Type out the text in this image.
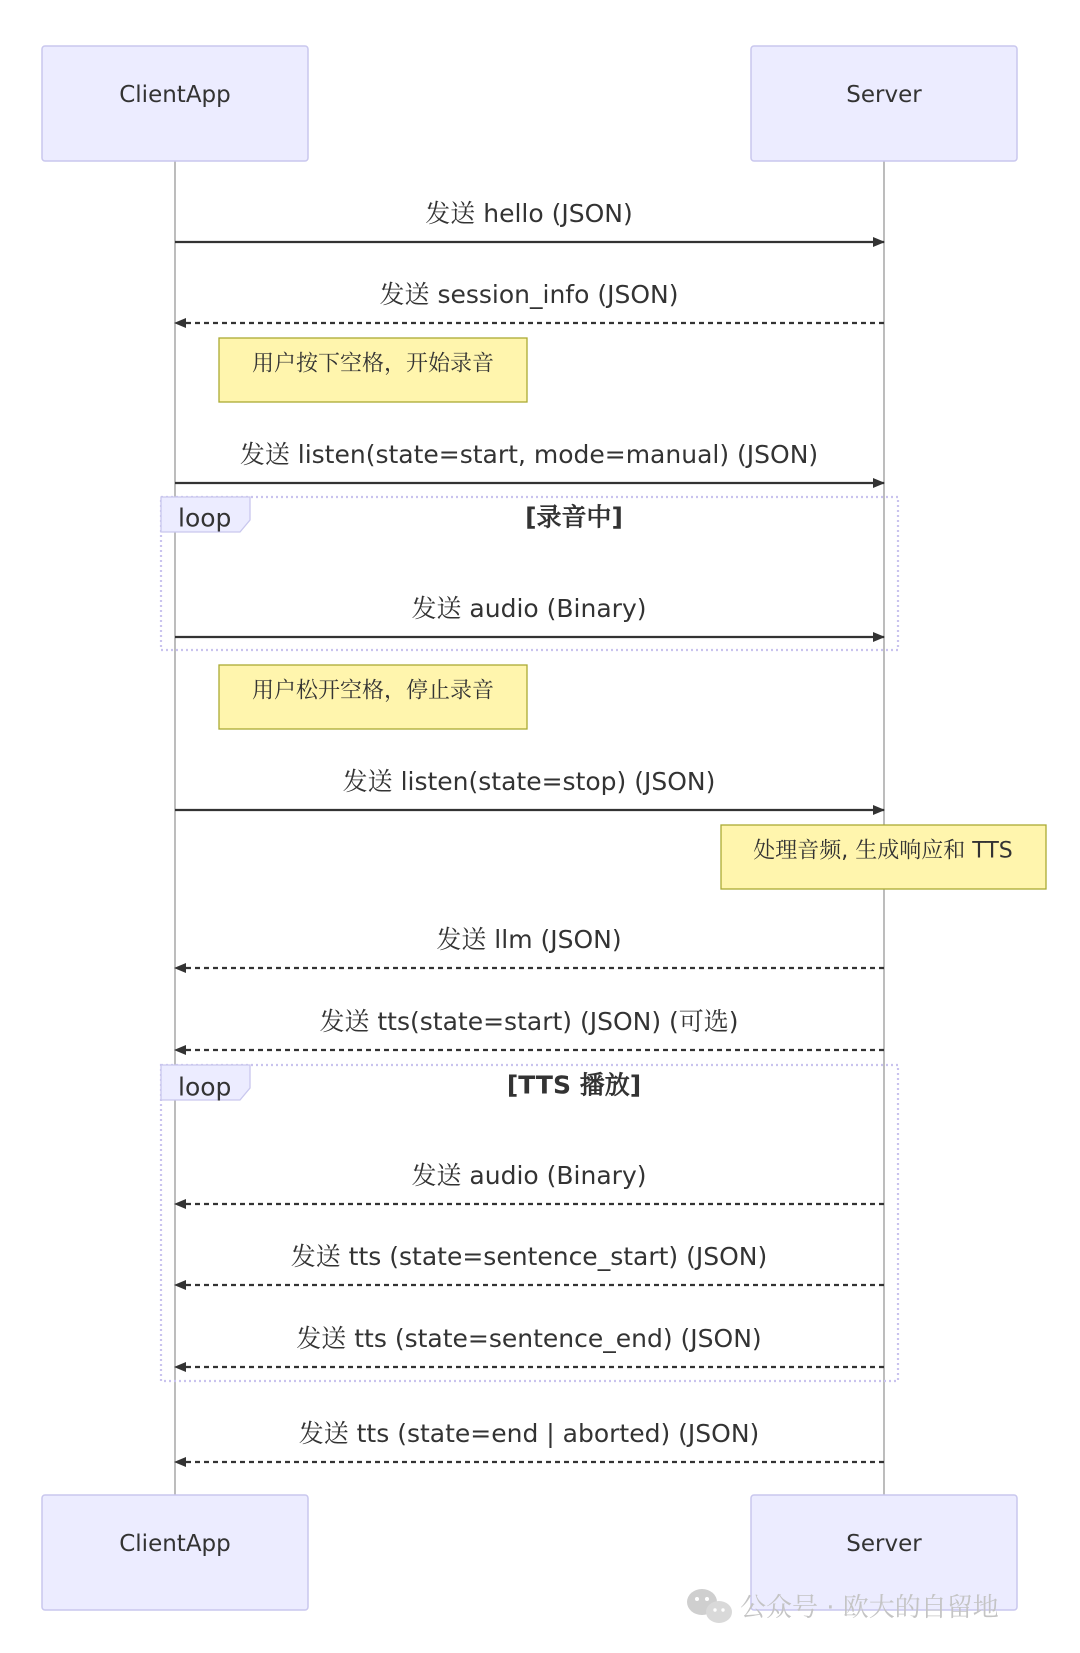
ClientApp	Server
ClientApp	Server
loop	[录音中]
loop	[TTS 播放]
用户按下空格，开始录音
用户松开空格，停止录音
处理音频, 生成响应和 TTS
发送 hello (JSON)
发送 session_info (JSON)
发送 listen(state=start, mode=manual) (JSON)
发送 audio (Binary)
发送 listen(state=stop) (JSON)
发送 llm (JSON)
发送 tts(state=start) (JSON) (可选)
发送 audio (Binary)
发送 tts (state=sentence_start) (JSON)
发送 tts (state=sentence_end) (JSON)
发送 tts (state=end | aborted) (JSON)
公众号 · 欧大的自留地
